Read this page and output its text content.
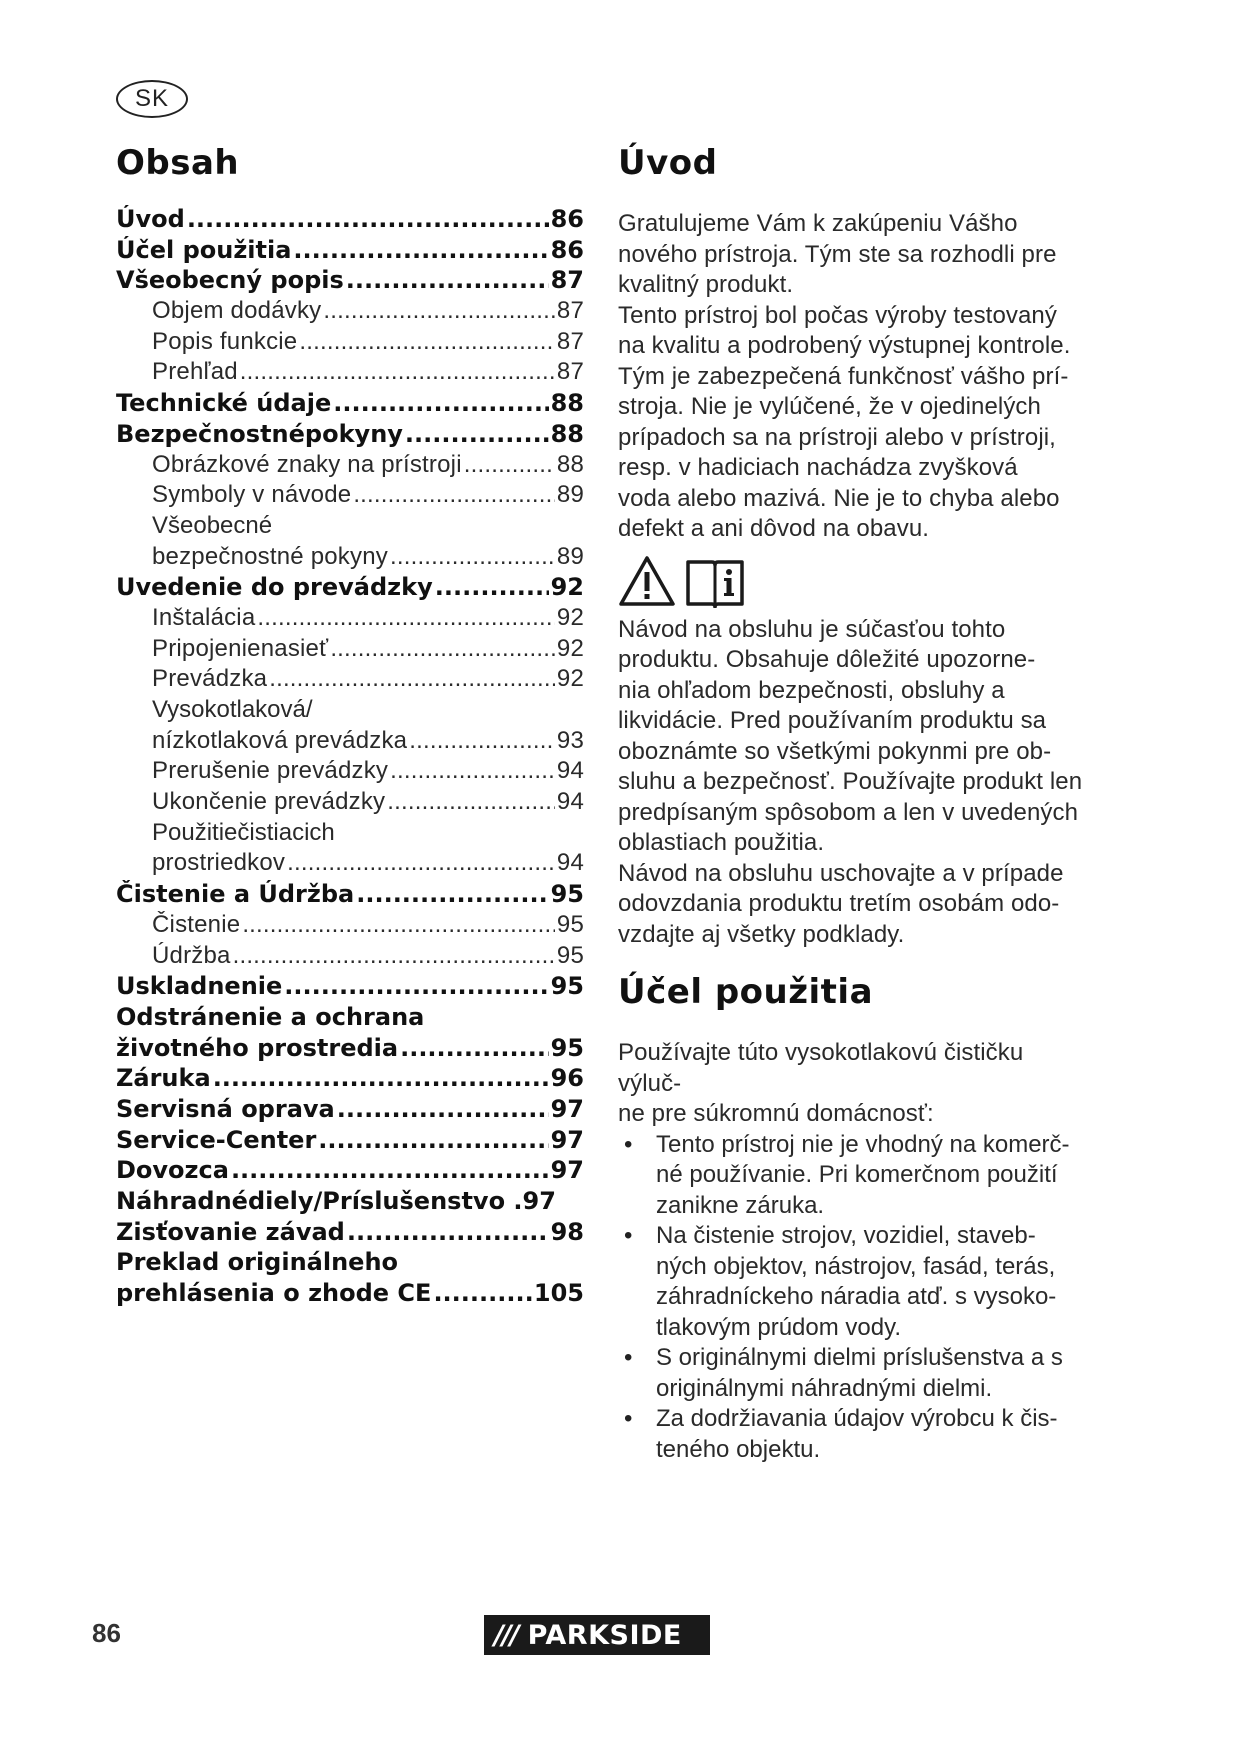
SK
Obsah
Úvod .....	86
Účel použitia .....	86
Všeobecný popis .....	87
Objem dodávky .....	87
Popis funkcie .....	87
Prehľad .....	87
Technické údaje .....	88
Bezpečnostnépokyny .....	88
Obrázkové znaky na prístroji .....	88
Symboly v návode .....	89
Všeobecné
bezpečnostné pokyny .....	89
Uvedenie do prevádzky .....	92
Inštalácia .....	92
Pripojenienasieť .....	92
Prevádzka .....	92
Vysokotlaková/
nízkotlaková prevádzka .....	93
Prerušenie prevádzky .....	94
Ukončenie prevádzky .....	94
Použitiečistiacich
prostriedkov .....	94
Čistenie a Údržba .....	95
Čistenie .....	95
Údržba .....	95
Uskladnenie .....	95
Odstránenie a ochrana
životného prostredia .....	95
Záruka .....	96
Servisná oprava .....	97
Service-Center .....	97
Dovozca .....	97
Náhradnédiely/Príslušenstvo .97
Zisťovanie závad .....	98
Preklad originálneho
prehlásenia o zhode CE .....	105
Úvod

Gratulujeme Vám k zakúpeniu Vášho
nového prístroja. Tým ste sa rozhodli pre
kvalitný produkt.
Tento prístroj bol počas výroby testovaný
na kvalitu a podrobený výstupnej kontrole.
Tým je zabezpečená funkčnosť vášho prí-
stroja. Nie je vylúčené, že v ojedinelých
prípadoch sa na prístroji alebo v prístroji,
resp. v hadiciach nachádza zvyšková
voda alebo mazivá. Nie je to chyba alebo
defekt a ani dôvod na obavu.

Návod na obsluhu je súčasťou tohto
produktu. Obsahuje dôležité upozorne-
nia ohľadom bezpečnosti, obsluhy a
likvidácie. Pred používaním produktu sa
oboznámte so všetkými pokynmi pre ob-
sluhu a bezpečnosť. Používajte produkt len
predpísaným spôsobom a len v uvedených
oblastiach použitia.
Návod na obsluhu uschovajte a v prípade
odovzdania produktu tretím osobám odo-
vzdajte aj všetky podklady.

Účel použitia

Používajte túto vysokotlakovú čističku výluč-
ne pre súkromnú domácnosť:

• Tento prístroj nie je vhodný na komerč-
né používanie. Pri komerčnom použití
zanikne záruka.
• Na čistenie strojov, vozidiel, staveb-
ných objektov, nástrojov, fasád, terás,
záhradníckeho náradia atď. s vysoko-
tlakovým prúdom vody.
• S originálnymi dielmi príslušenstva a s
originálnymi náhradnými dielmi.
• Za dodržiavania údajov výrobcu k čis-
teného objektu.
86	/// PARKSIDE
